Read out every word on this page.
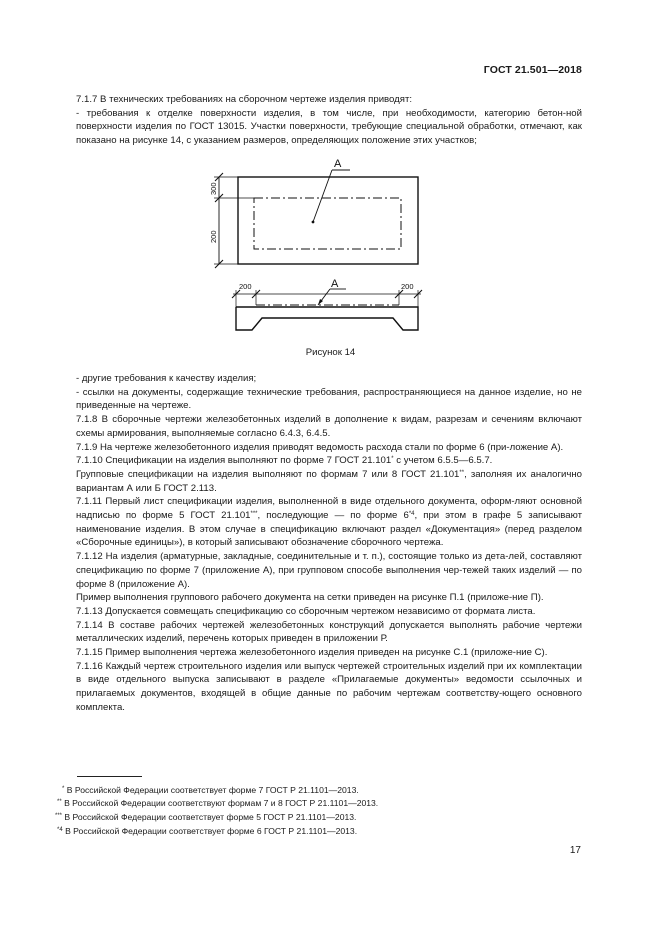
ГОСТ 21.501—2018

7.1.7 В технических требованиях на сборочном чертеже изделия приводят:

- требования к отделке поверхности изделия, в том числе, при необходимости, категорию бетон-ной поверхности изделия по ГОСТ 13015. Участки поверхности, требующие специальной обработки, отмечают, как показано на рисунке 14, с указанием размеров, определяющих положение этих участков;

А
300
200
А
200	200
Рисунок 14

- другие требования к качеству изделия;

- ссылки на документы, содержащие технические требования, распространяющиеся на данное изделие, но не приведенные на чертеже.

7.1.8 В сборочные чертежи железобетонных изделий в дополнение к видам, разрезам и сечениям включают схемы армирования, выполняемые согласно 6.4.3, 6.4.5.

7.1.9 На чертеже железобетонного изделия приводят ведомость расхода стали по форме 6 (при-ложение А).

7.1.10 Спецификации на изделия выполняют по форме 7 ГОСТ 21.101* с учетом 6.5.5—6.5.7.

Групповые спецификации на изделия выполняют по формам 7 или 8 ГОСТ 21.101**, заполняя их аналогично вариантам А или Б ГОСТ 2.113.

7.1.11 Первый лист спецификации изделия, выполненной в виде отдельного документа, оформ-ляют основной надписью по форме 5 ГОСТ 21.101***, последующие — по форме 6$^{*4}$, при этом в графе 5 записывают наименование изделия. В этом случае в спецификацию включают раздел «Документация» (перед разделом «Сборочные единицы»), в который записывают обозначение сборочного чертежа.

7.1.12 На изделия (арматурные, закладные, соединительные и т. п.), состоящие только из дета-лей, составляют спецификацию по форме 7 (приложение А), при групповом способе выполнения чер-тежей таких изделий — по форме 8 (приложение А).

Пример выполнения группового рабочего документа на сетки приведен на рисунке П.1 (приложе-ние П).

7.1.13 Допускается совмещать спецификацию со сборочным чертежом независимо от формата листа.

7.1.14 В составе рабочих чертежей железобетонных конструкций допускается выполнять рабочие чертежи металлических изделий, перечень которых приведен в приложении Р.

7.1.15 Пример выполнения чертежа железобетонного изделия приведен на рисунке С.1 (приложе-ние С).

7.1.16 Каждый чертеж строительного изделия или выпуск чертежей строительных изделий при их комплектации в виде отдельного выпуска записывают в разделе «Прилагаемые документы» ведомости ссылочных и прилагаемых документов, входящей в общие данные по рабочим чертежам соответству-ющего основного комплекта.

* В Российской Федерации соответствует форме 7 ГОСТ Р 21.1101—2013.
** В Российской Федерации соответствуют формам 7 и 8 ГОСТ Р 21.1101—2013.
*** В Российской Федерации соответствует форме 5 ГОСТ Р 21.1101—2013.
$^{*4}$ В Российской Федерации соответствует форме 6 ГОСТ Р 21.1101—2013.
17
